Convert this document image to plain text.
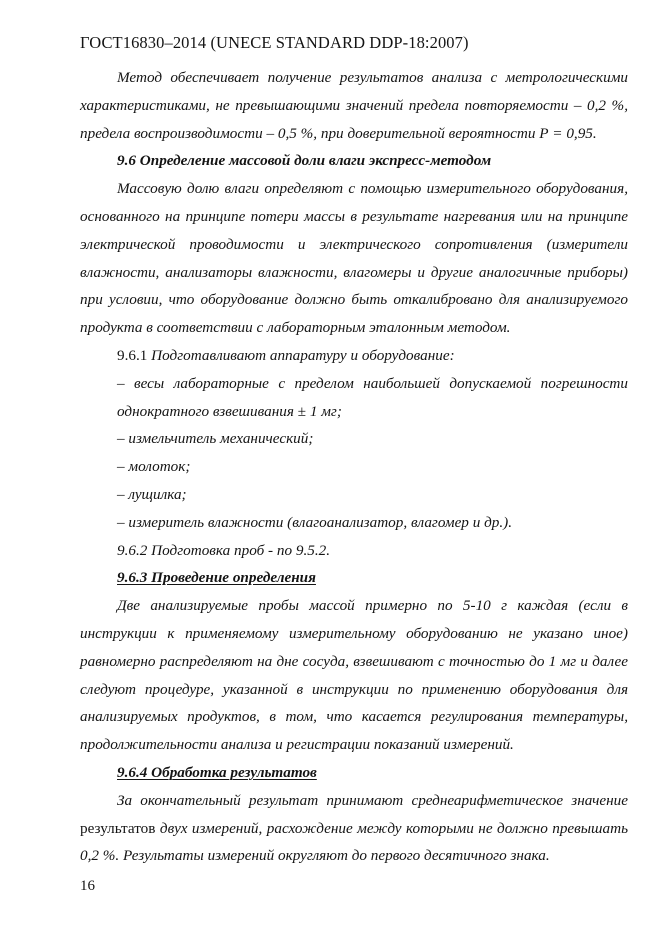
ГОСТ16830–2014 (UNECE STANDARD DDP-18:2007)

Метод обеспечивает получение результатов анализа с метрологическими характеристиками, не превышающими значений предела повторяемости – 0,2 %, предела воспроизводимости – 0,5 %, при доверительной вероятности Р = 0,95.

9.6 Определение массовой доли влаги экспресс-методом

Массовую долю влаги определяют с помощью измерительного оборудования, основанного на принципе потери массы в результате нагревания или на принципе электрической проводимости и электрического сопротивления (измерители влажности, анализаторы влажности, влагомеры и другие аналогичные приборы) при условии, что оборудование должно быть откалибровано для анализируемого продукта в соответствии с лабораторным эталонным методом.

9.6.1 Подготавливают аппаратуру и оборудование:

– весы лабораторные с пределом наибольшей допускаемой погрешности
однократного взвешивания ± 1 мг;

– измельчитель механический;

– молоток;

– лущилка;

– измеритель влажности (влагоанализатор, влагомер и др.).

9.6.2 Подготовка проб - по 9.5.2.

9.6.3 Проведение определения

Две анализируемые пробы массой примерно по 5-10 г каждая (если в инструкции к применяемому измерительному оборудованию не указано иное) равномерно распределяют на дне сосуда, взвешивают с точностью до 1 мг и далее следуют процедуре, указанной в инструкции по применению оборудования для анализируемых продуктов, в том, что касается регулирования температуры, продолжительности анализа и регистрации показаний измерений.

9.6.4 Обработка результатов

За окончательный результат принимают среднеарифметическое значение результатов двух измерений, расхождение между которыми не должно превышать 0,2 %. Результаты измерений округляют до первого десятичного знака.

16
